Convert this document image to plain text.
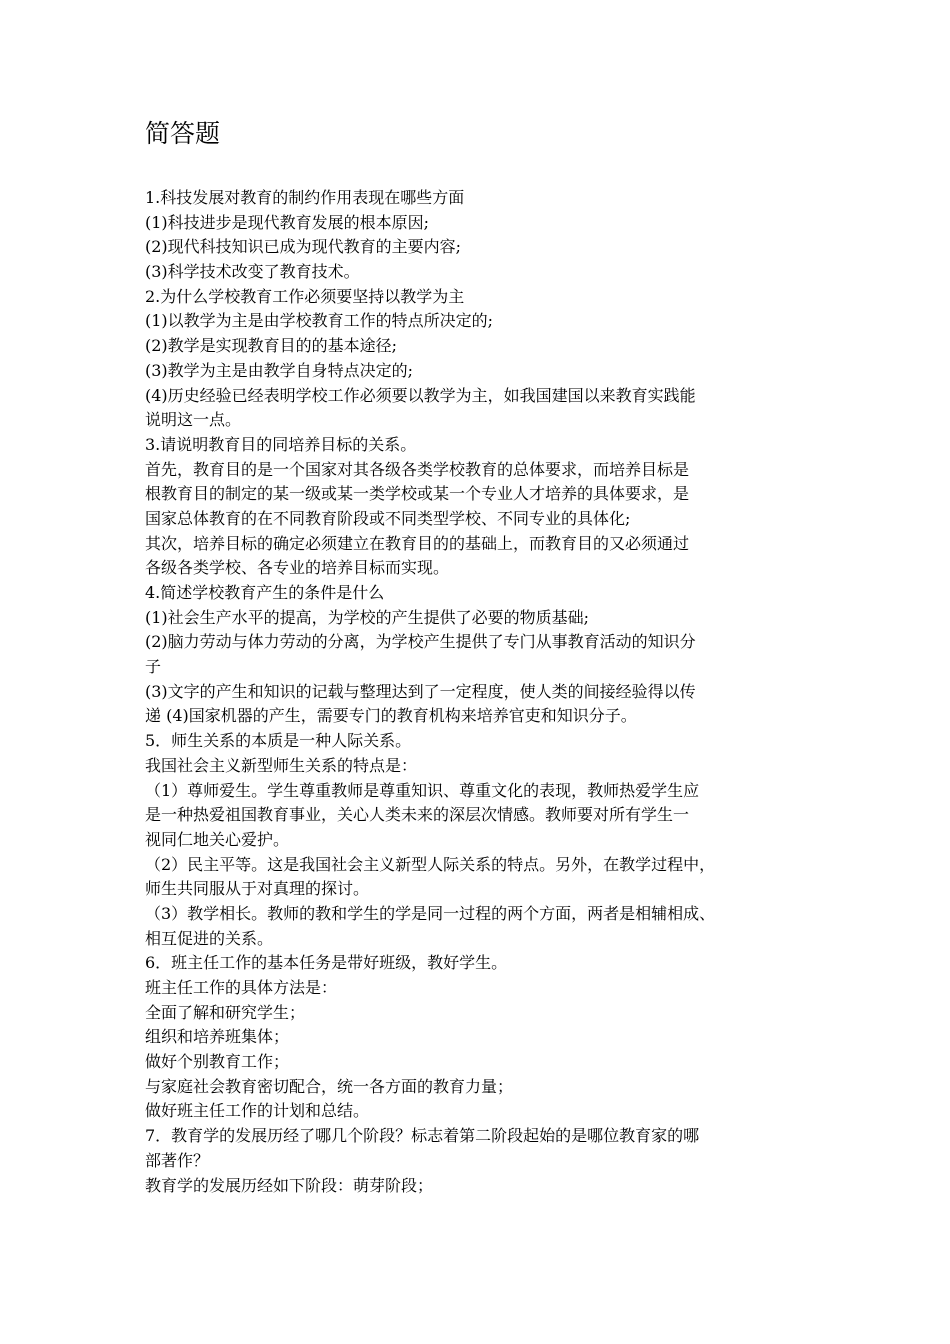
简答题
1.科技发展对教育的制约作用表现在哪些方面
(1)科技进步是现代教育发展的根本原因;
(2)现代科技知识已成为现代教育的主要内容;
(3)科学技术改变了教育技术。
2.为什么学校教育工作必须要坚持以教学为主
(1)以教学为主是由学校教育工作的特点所决定的;
(2)教学是实现教育目的的基本途径;
(3)教学为主是由教学自身特点决定的;
(4)历史经验已经表明学校工作必须要以教学为主，如我国建国以来教育实践能
说明这一点。
3.请说明教育目的同培养目标的关系。
首先，教育目的是一个国家对其各级各类学校教育的总体要求，而培养目标是
根教育目的制定的某一级或某一类学校或某一个专业人才培养的具体要求，是
国家总体教育的在不同教育阶段或不同类型学校、不同专业的具体化;
其次，培养目标的确定必须建立在教育目的的基础上，而教育目的又必须通过
各级各类学校、各专业的培养目标而实现。
4.简述学校教育产生的条件是什么
(1)社会生产水平的提高，为学校的产生提供了必要的物质基础;
(2)脑力劳动与体力劳动的分离，为学校产生提供了专门从事教育活动的知识分
子
(3)文字的产生和知识的记载与整理达到了一定程度，使人类的间接经验得以传
递 (4)国家机器的产生，需要专门的教育机构来培养官吏和知识分子。
5．师生关系的本质是一种人际关系。
我国社会主义新型师生关系的特点是：
（1）尊师爱生。学生尊重教师是尊重知识、尊重文化的表现，教师热爱学生应
是一种热爱祖国教育事业，关心人类未来的深层次情感。教师要对所有学生一
视同仁地关心爱护。
（2）民主平等。这是我国社会主义新型人际关系的特点。另外，在教学过程中，
师生共同服从于对真理的探讨。
（3）教学相长。教师的教和学生的学是同一过程的两个方面，两者是相辅相成、
相互促进的关系。
6．班主任工作的基本任务是带好班级，教好学生。
班主任工作的具体方法是：
全面了解和研究学生；
组织和培养班集体；
做好个别教育工作；
与家庭社会教育密切配合，统一各方面的教育力量；
做好班主任工作的计划和总结。
7．教育学的发展历经了哪几个阶段？标志着第二阶段起始的是哪位教育家的哪
部著作？
教育学的发展历经如下阶段：萌芽阶段；
